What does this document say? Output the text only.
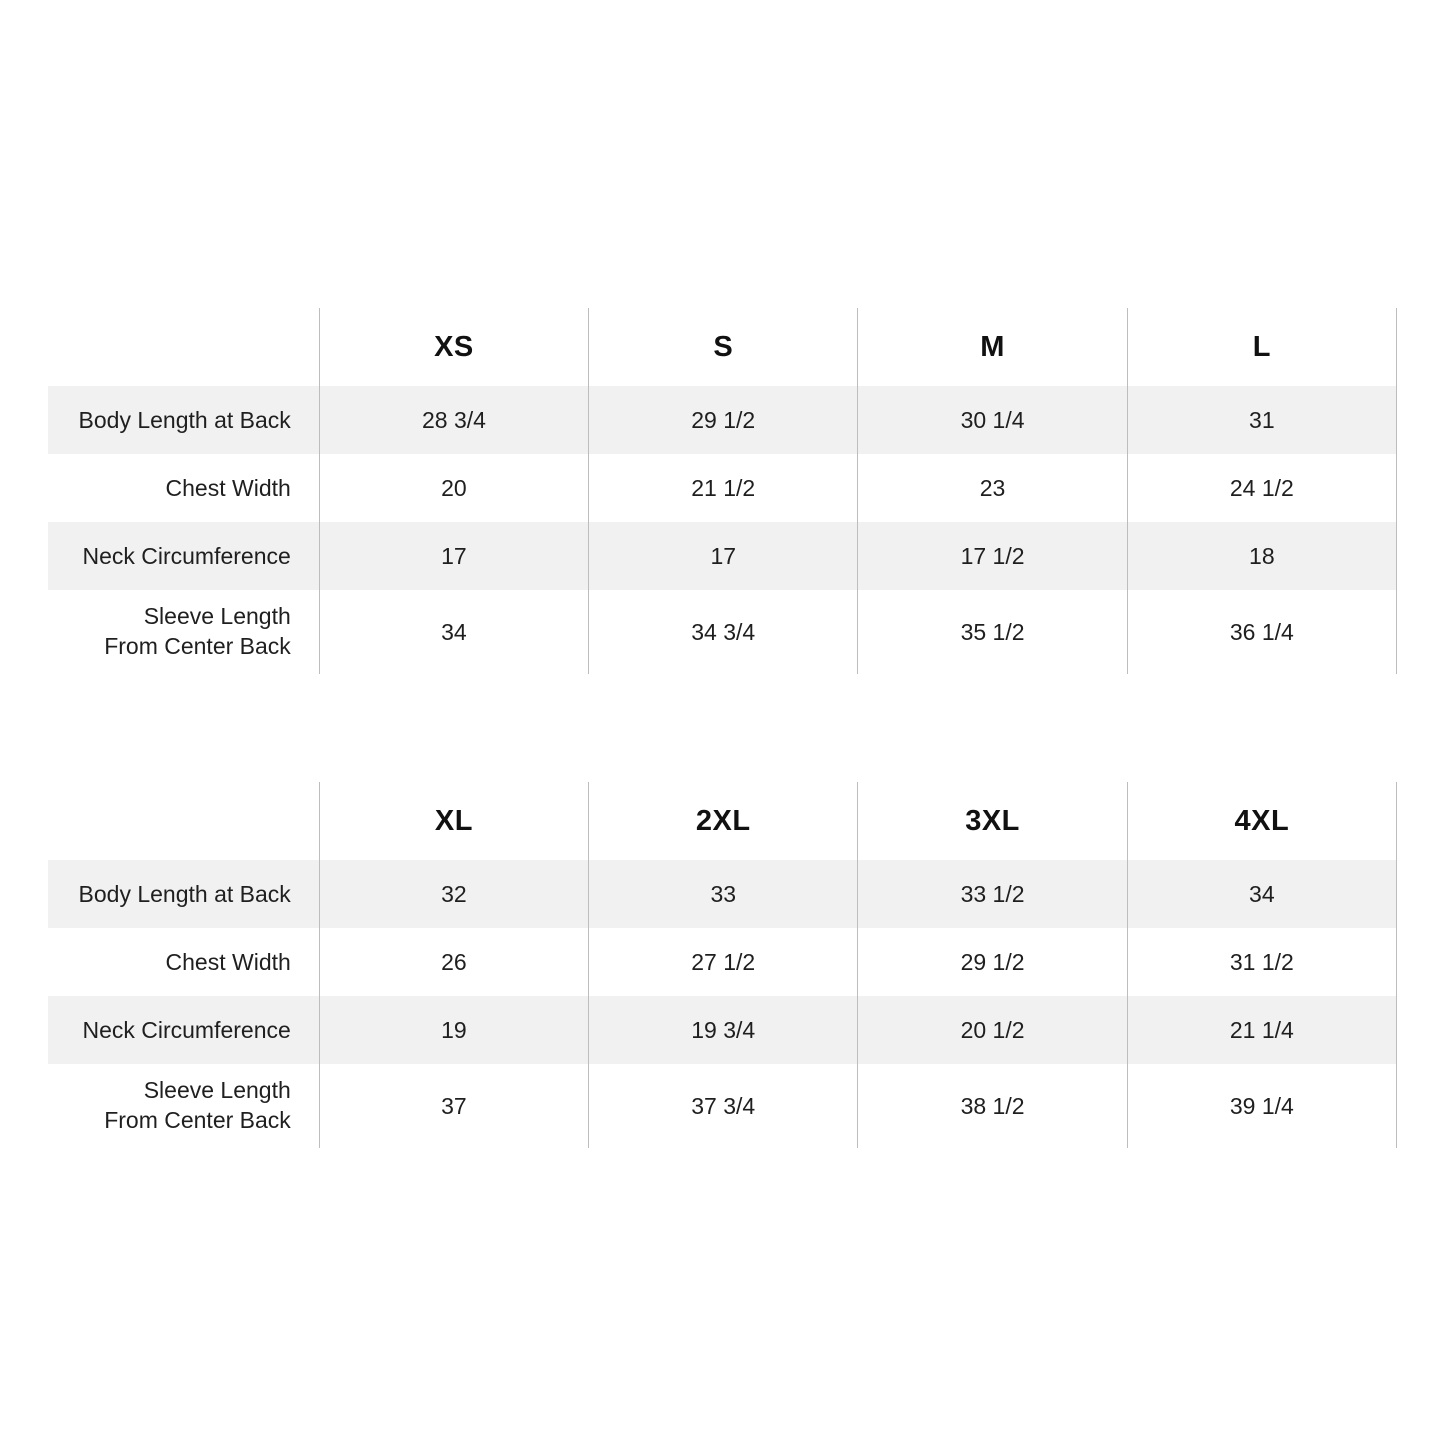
	XS	S	M	L
Body Length at Back	28 3/4	29 1/2	30 1/4	31
Chest Width	20	21 1/2	23	24 1/2
Neck Circumference	17	17	17 1/2	18

Sleeve Length
From Center Back	34	34 3/4	35 1/2	36 1/4
	XL	2XL	3XL	4XL
Body Length at Back	32	33	33 1/2	34
Chest Width	26	27 1/2	29 1/2	31 1/2
Neck Circumference	19	19 3/4	20 1/2	21 1/4

Sleeve Length
From Center Back	37	37 3/4	38 1/2	39 1/4
